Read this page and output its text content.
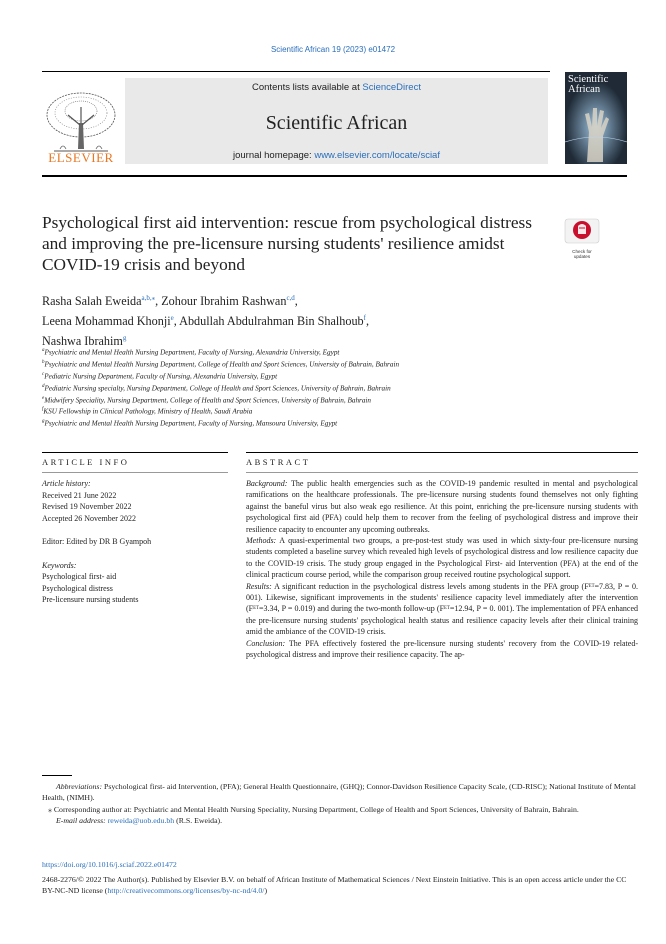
Scientific African 19 (2023) e01472
ELSEVIER
Contents lists available at ScienceDirect
Scientific African
journal homepage: www.elsevier.com/locate/sciaf
Scientific
African
Psychological first aid intervention: rescue from psychological distress and improving the pre-licensure nursing students' resilience amidst COVID-19 crisis and beyond
Check for
updates
Rasha Salah Eweida$^{a,b,⁎}$, Zohour Ibrahim Rashwan$^{c,d}$,
Leena Mohammad Khonji$^e$, Abdullah Abdulrahman Bin Shalhoub$^f$,
Nashwa Ibrahim$^g$
$^a$Psychiatric and Mental Health Nursing Department, Faculty of Nursing, Alexandria University, Egypt
$^b$Psychiatric and Mental Health Nursing Department, College of Health and Sport Sciences, University of Bahrain, Bahrain
$^c$Pediatric Nursing Department, Faculty of Nursing, Alexandria University, Egypt
$^d$Pediatric Nursing specialty, Nursing Department, College of Health and Sport Sciences, University of Bahrain, Bahrain
$^e$Midwifery Speciality, Nursing Department, College of Health and Sport Sciences, University of Bahrain, Bahrain
$^f$KSU Fellowship in Clinical Pathology, Ministry of Health, Saudi Arabia
$^g$Psychiatric and Mental Health Nursing Department, Faculty of Nursing, Mansoura University, Egypt
ARTICLE INFO	ABSTRACT
Article history:
Received 21 June 2022
Revised 19 November 2022
Accepted 26 November 2022
Editor: Edited by DR B Gyampoh
Keywords:
Psychological first- aid
Psychological distress
Pre-licensure nursing students

Background: The public health emergencies such as the COVID-19 pandemic resulted in mental and psychological ramifications on the healthcare professionals. The pre-licensure nursing students found themselves not only fighting against the baneful virus but also weak ego resilience. At this point, enriching the pre-licensure nursing students with psychological first aid (PFA) could help them to recover from the feeling of psychological distress and improve their resilience capacity to encounter any upcoming outbreaks.

Methods: A quasi-experimental two groups, a pre-post-test study was used in which sixty-four pre-licensure nursing students completed a baseline survey which revealed high levels of psychological distress and low resilience capacity due to the COVID-19 crisis. The study group engaged in the Psychological First- aid Intervention (PFA) at the end of the clinical practicum course period, while the comparison group received routine psychological support.

Results: A significant reduction in the psychological distress levels among students in the PFA group (Fᴱᵀ=7.83, P = 0. 001). Likewise, significant improvements in the students' resilience capacity level immediately after the intervention (Fᴱᵀ=3.34, P = 0.019) and during the two-month follow-up (Fᴱᵀ=12.94, P = 0. 001). The implementation of PFA enhanced the pre-licensure nursing students' psychological health status and resilience capacity levels after their clinical training amid the ambiance of the COVID-19 crisis.

Conclusion: The PFA effectively fostered the pre-licensure nursing students' recovery from the COVID-19 related- psychological distress and improve their resilience capacity. The ap-

Abbreviations: Psychological first- aid Intervention, (PFA); General Health Questionnaire, (GHQ); Connor-Davidson Resilience Capacity Scale, (CD-RISC); National Institute of Mental Health, (NIMH).

⁎ Corresponding author at: Psychiatric and Mental Health Nursing Speciality, Nursing Department, College of Health and Sport Sciences, University of Bahrain, Bahrain.

E-mail address: reweida@uob.edu.bh (R.S. Eweida).

https://doi.org/10.1016/j.sciaf.2022.e01472

2468-2276/© 2022 The Author(s). Published by Elsevier B.V. on behalf of African Institute of Mathematical Sciences / Next Einstein Initiative. This is an open access article under the CC BY-NC-ND license (http://creativecommons.org/licenses/by-nc-nd/4.0/)
